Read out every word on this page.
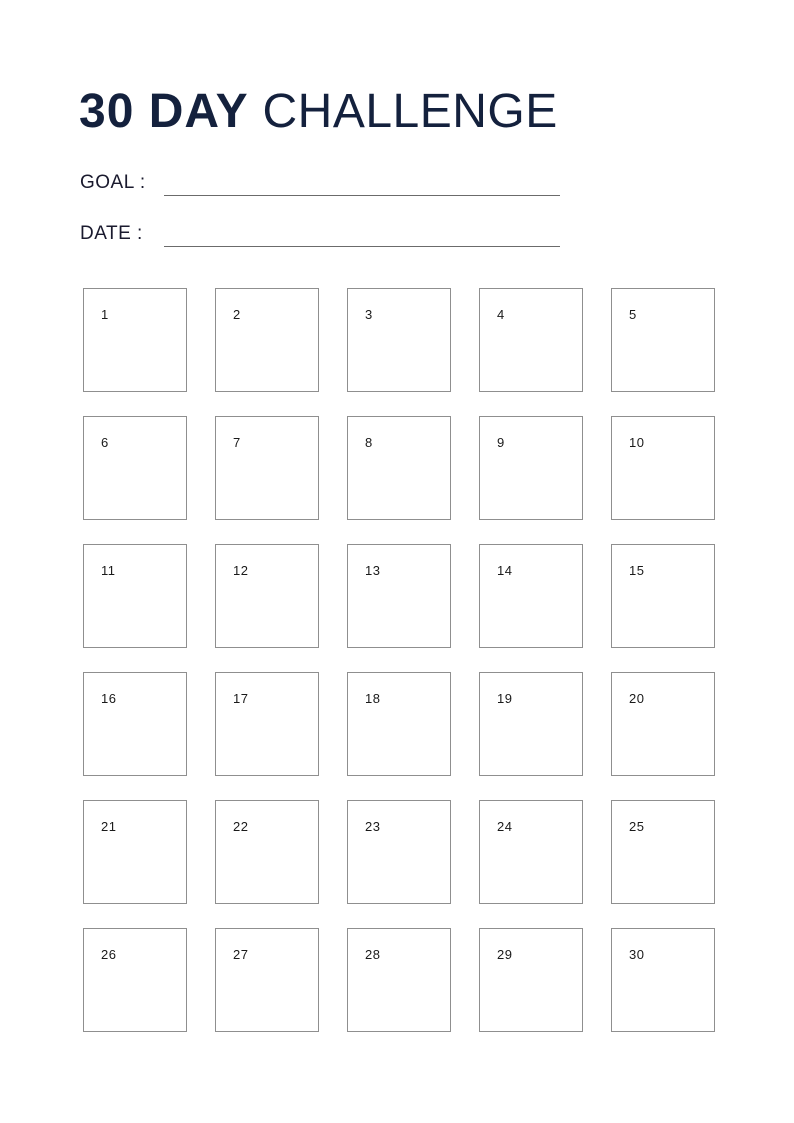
30 DAY CHALLENGE
GOAL :
DATE :
1	2	3	4	5
6	7	8	9	10
11	12	13	14	15
16	17	18	19	20
21	22	23	24	25
26	27	28	29	30
